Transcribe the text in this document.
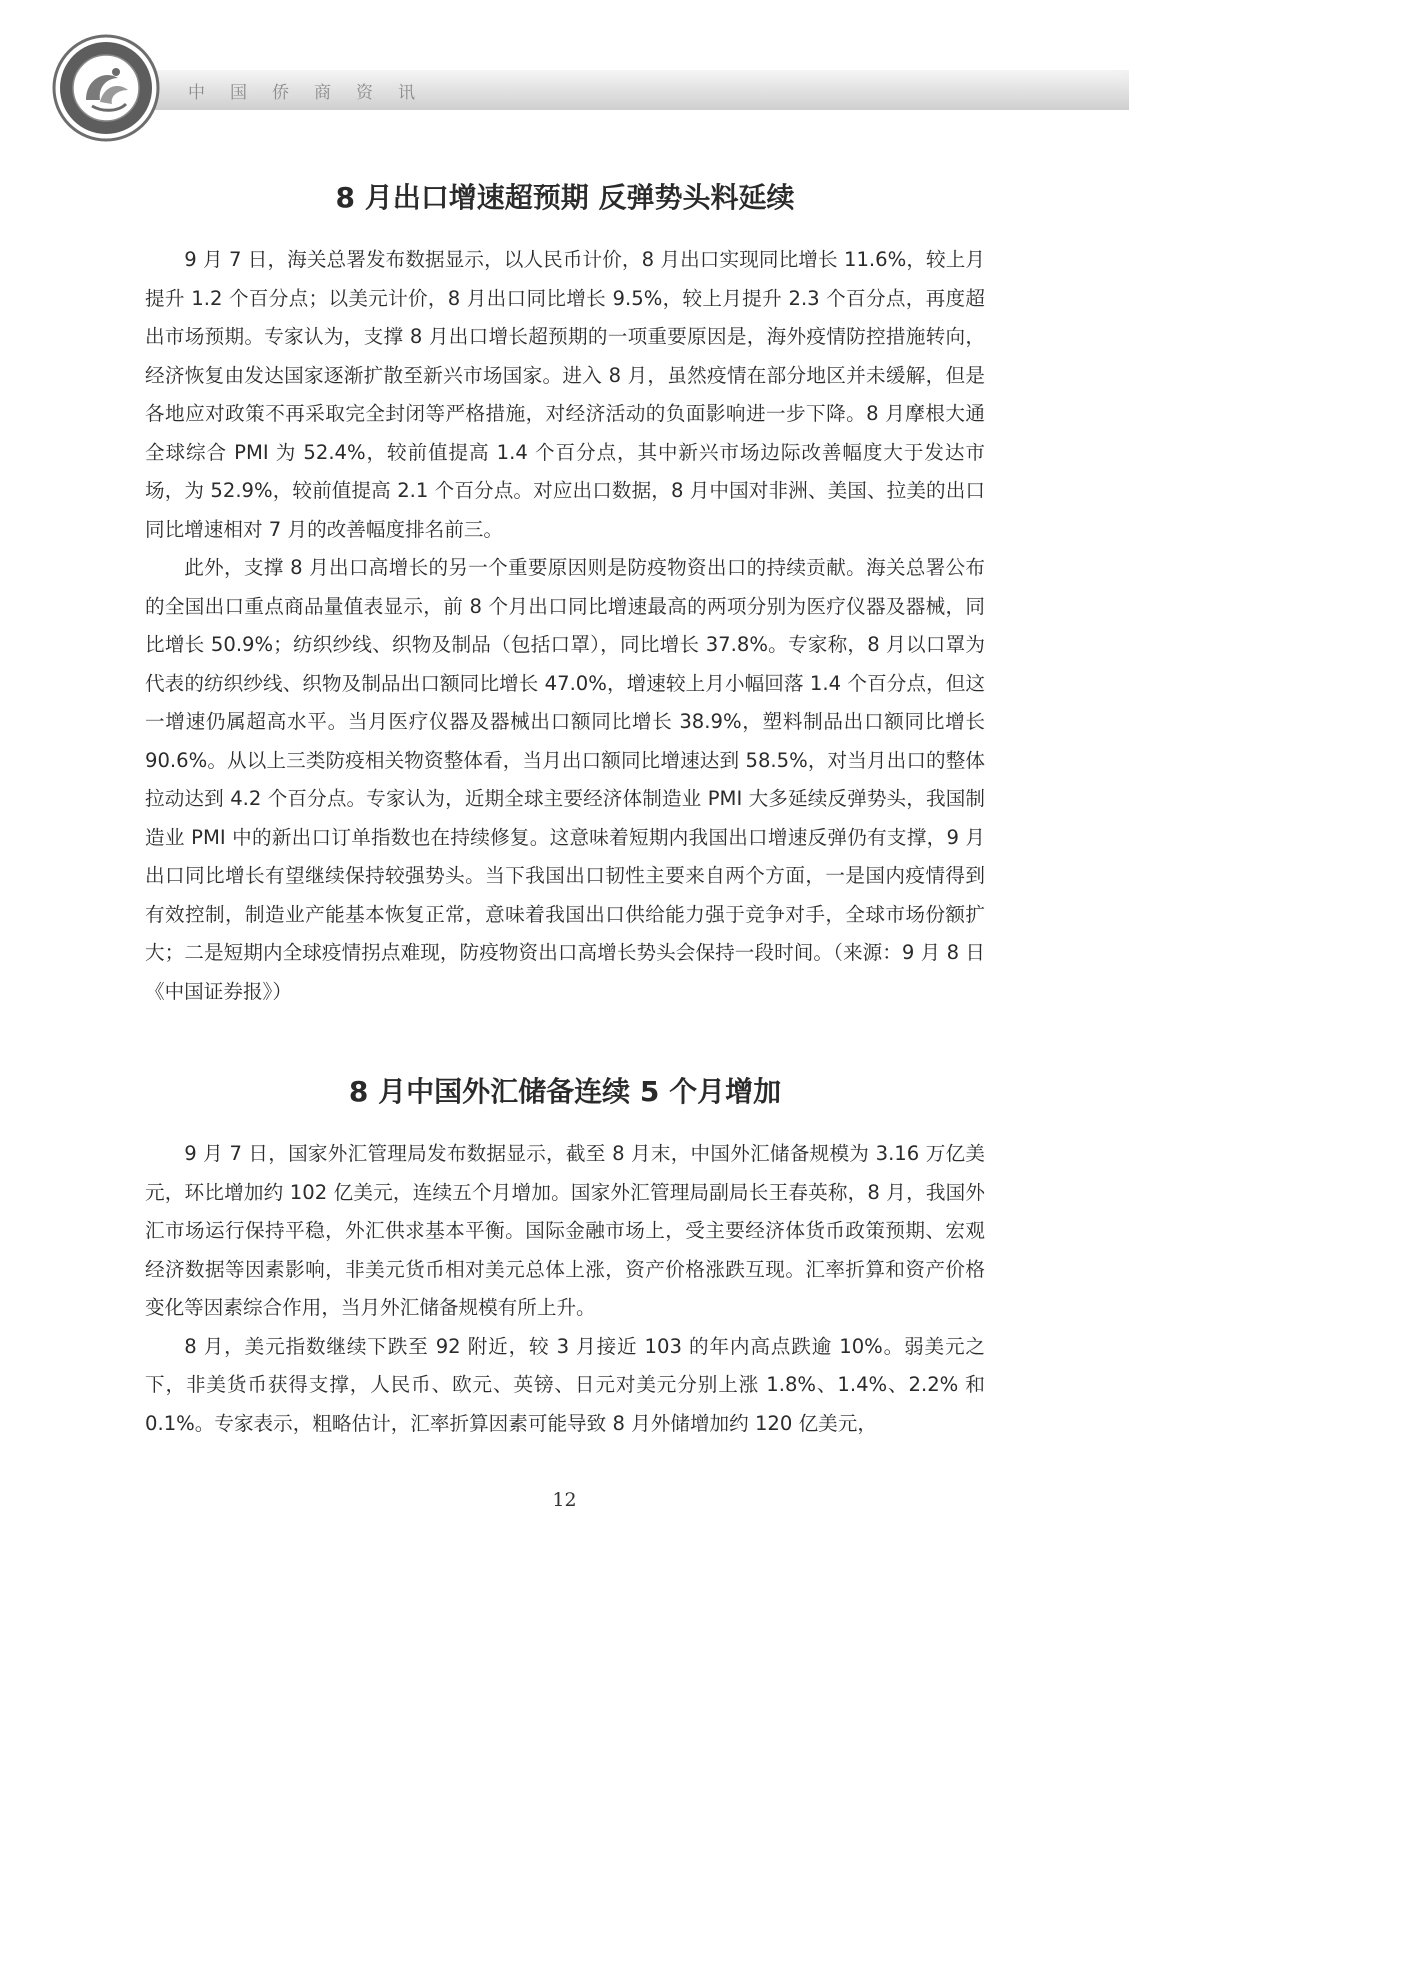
中国侨商资讯
8 月出口增速超预期 反弹势头料延续

9 月 7 日，海关总署发布数据显示，以人民币计价，8 月出口实现同比增长 11.6%，较上月提升 1.2 个百分点；以美元计价，8 月出口同比增长 9.5%，较上月提升 2.3 个百分点，再度超出市场预期。专家认为，支撑 8 月出口增长超预期的一项重要原因是，海外疫情防控措施转向，经济恢复由发达国家逐渐扩散至新兴市场国家。进入 8 月，虽然疫情在部分地区并未缓解，但是各地应对政策不再采取完全封闭等严格措施，对经济活动的负面影响进一步下降。8 月摩根大通全球综合 PMI 为 52.4%，较前值提高 1.4 个百分点，其中新兴市场边际改善幅度大于发达市场，为 52.9%，较前值提高 2.1 个百分点。对应出口数据，8 月中国对非洲、美国、拉美的出口同比增速相对 7 月的改善幅度排名前三。

此外，支撑 8 月出口高增长的另一个重要原因则是防疫物资出口的持续贡献。海关总署公布的全国出口重点商品量值表显示，前 8 个月出口同比增速最高的两项分别为医疗仪器及器械，同比增长 50.9%；纺织纱线、织物及制品（包括口罩），同比增长 37.8%。专家称，8 月以口罩为代表的纺织纱线、织物及制品出口额同比增长 47.0%，增速较上月小幅回落 1.4 个百分点，但这一增速仍属超高水平。当月医疗仪器及器械出口额同比增长 38.9%，塑料制品出口额同比增长 90.6%。从以上三类防疫相关物资整体看，当月出口额同比增速达到 58.5%，对当月出口的整体拉动达到 4.2 个百分点。专家认为，近期全球主要经济体制造业 PMI 大多延续反弹势头，我国制造业 PMI 中的新出口订单指数也在持续修复。这意味着短期内我国出口增速反弹仍有支撑，9 月出口同比增长有望继续保持较强势头。当下我国出口韧性主要来自两个方面，一是国内疫情得到有效控制，制造业产能基本恢复正常，意味着我国出口供给能力强于竞争对手，全球市场份额扩大；二是短期内全球疫情拐点难现，防疫物资出口高增长势头会保持一段时间。（来源：9 月 8 日《中国证券报》）

8 月中国外汇储备连续 5 个月增加

9 月 7 日，国家外汇管理局发布数据显示，截至 8 月末，中国外汇储备规模为 3.16 万亿美元，环比增加约 102 亿美元，连续五个月增加。国家外汇管理局副局长王春英称，8 月，我国外汇市场运行保持平稳，外汇供求基本平衡。国际金融市场上，受主要经济体货币政策预期、宏观经济数据等因素影响，非美元货币相对美元总体上涨，资产价格涨跌互现。汇率折算和资产价格变化等因素综合作用，当月外汇储备规模有所上升。

8 月，美元指数继续下跌至 92 附近，较 3 月接近 103 的年内高点跌逾 10%。弱美元之下，非美货币获得支撑，人民币、欧元、英镑、日元对美元分别上涨 1.8%、1.4%、2.2% 和 0.1%。专家表示，粗略估计，汇率折算因素可能导致 8 月外储增加约 120 亿美元，

12
